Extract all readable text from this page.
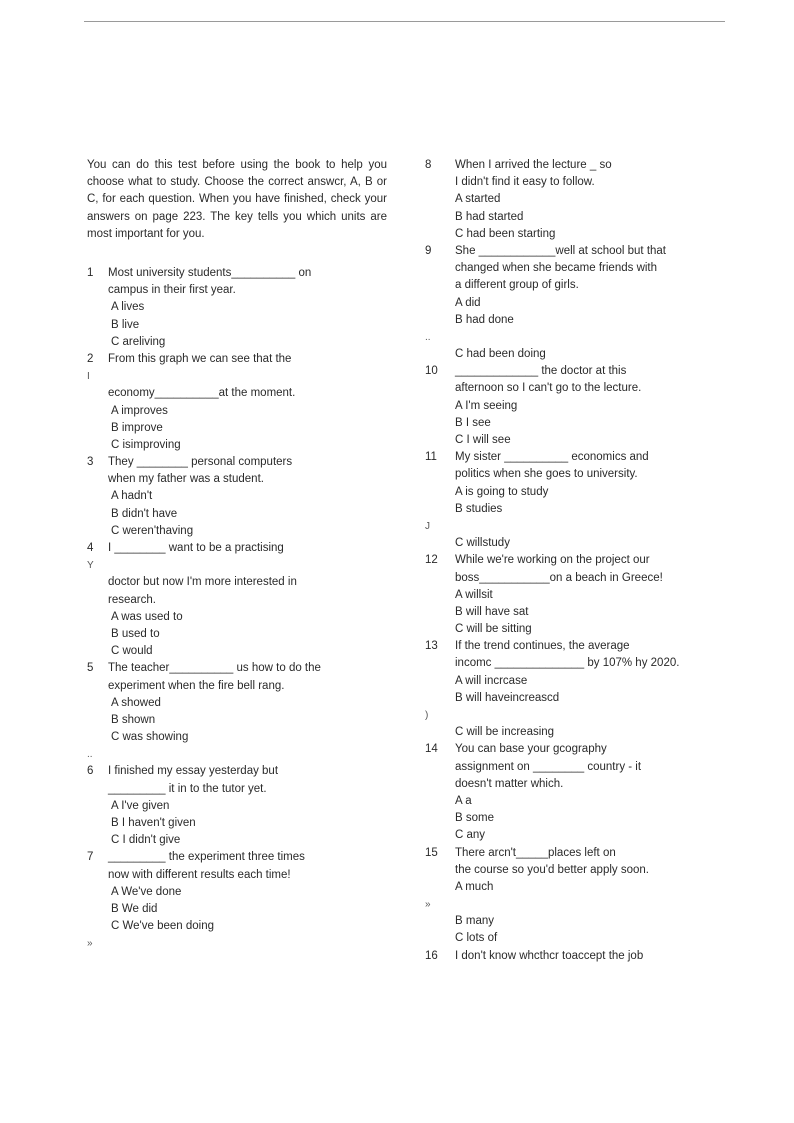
You can do this test before using the book to help you choose what to study. Choose the correct answcr, A, B or C, for each question. When you have finished, check your answers on page 223. The key tells you which units are most important for you.
1 Most university students__________ on
campus in their first year.
A lives
B live
C areliving
2 From this graph we can see that the
I
economy__________at the moment.
A improves
B improve
C isimproving
3 They ________ personal computers
when my father was a student.
A hadn't
B didn't have
C weren'thaving
4 I ________ want to be a practising
Y
doctor but now I'm more interested in
research.
A was used to
B used to
C would
5 The teacher__________ us how to do the
experiment when the fire bell rang.
A showed
B shown
C was showing
..
6 I finished my essay yesterday but
_________ it in to the tutor yet.
A I've given
B I haven't given
C I didn't give
7 _________ the experiment three times
now with different results each time!
A We've done
B We did
C We've been doing
»
8 When I arrived the lecture _ so
I didn't find it easy to follow.
A started
B had started
C had been starting
9 She ____________well at school but that
changed when she became friends with
a different group of girls.
A did
B had done
..
C had been doing
10 _____________ the doctor at this
afternoon so I can't go to the lecture.
A I'm seeing
B I see
C I will see
11 My sister __________ economics and
politics when she goes to university.
A is going to study
B studies
J
C willstudy
12 While we're working on the project our
boss___________on a beach in Greece!
A willsit
B will have sat
C will be sitting
13 If the trend continues, the average
incomc ______________ by 107% hy 2020.
A will incrcase
B will haveincreascd
)
C will be increasing
14 You can base your gcography
assignment on ________ country - it
doesn't matter which.
A a
B some
C any
15 There arcn't_____places left on
the course so you'd better apply soon.
A much
»
B many
C lots of
16 I don't know whcthcr toaccept the job
